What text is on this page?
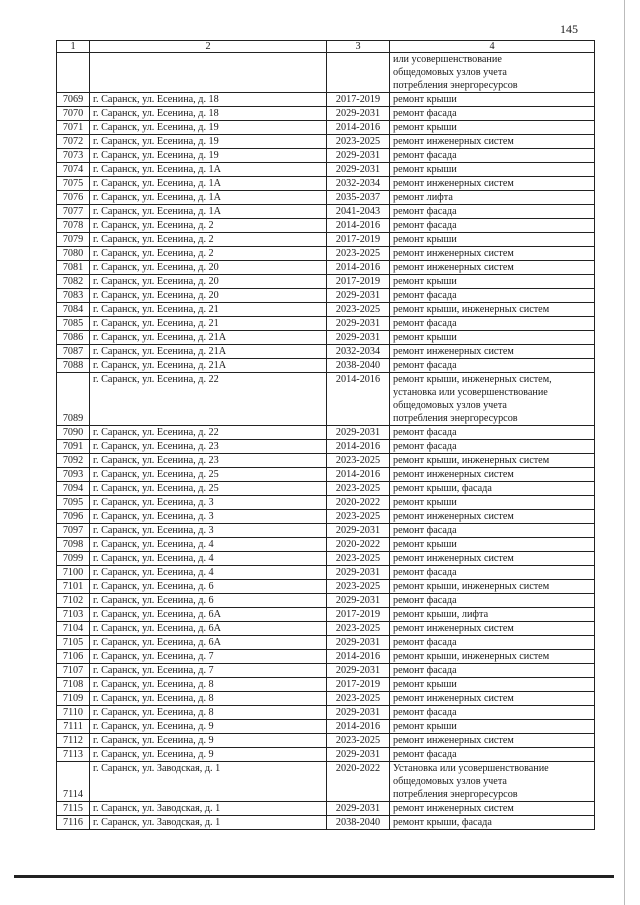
145
1	2	3	4

			или усовершенствование
общедомовых узлов учета
потребления энергоресурсов

7069	г. Саранск, ул. Есенина, д. 18	2017-2019	ремонт крыши

7070	г. Саранск, ул. Есенина, д. 18	2029-2031	ремонт фасада

7071	г. Саранск, ул. Есенина, д. 19	2014-2016	ремонт крыши

7072	г. Саранск, ул. Есенина, д. 19	2023-2025	ремонт инженерных систем

7073	г. Саранск, ул. Есенина, д. 19	2029-2031	ремонт фасада

7074	г. Саранск, ул. Есенина, д. 1А	2029-2031	ремонт крыши

7075	г. Саранск, ул. Есенина, д. 1А	2032-2034	ремонт инженерных систем

7076	г. Саранск, ул. Есенина, д. 1А	2035-2037	ремонт лифта

7077	г. Саранск, ул. Есенина, д. 1А	2041-2043	ремонт фасада

7078	г. Саранск, ул. Есенина, д. 2	2014-2016	ремонт фасада

7079	г. Саранск, ул. Есенина, д. 2	2017-2019	ремонт крыши

7080	г. Саранск, ул. Есенина, д. 2	2023-2025	ремонт инженерных систем

7081	г. Саранск, ул. Есенина, д. 20	2014-2016	ремонт инженерных систем

7082	г. Саранск, ул. Есенина, д. 20	2017-2019	ремонт крыши

7083	г. Саранск, ул. Есенина, д. 20	2029-2031	ремонт фасада

7084	г. Саранск, ул. Есенина, д. 21	2023-2025	ремонт крыши, инженерных систем

7085	г. Саранск, ул. Есенина, д. 21	2029-2031	ремонт фасада

7086	г. Саранск, ул. Есенина, д. 21А	2029-2031	ремонт крыши

7087	г. Саранск, ул. Есенина, д. 21А	2032-2034	ремонт инженерных систем

7088	г. Саранск, ул. Есенина, д. 21А	2038-2040	ремонт фасада

7089	г. Саранск, ул. Есенина, д. 22	2014-2016	ремонт крыши, инженерных систем,
установка или усовершенствование
общедомовых узлов учета
потребления энергоресурсов

7090	г. Саранск, ул. Есенина, д. 22	2029-2031	ремонт фасада

7091	г. Саранск, ул. Есенина, д. 23	2014-2016	ремонт фасада

7092	г. Саранск, ул. Есенина, д. 23	2023-2025	ремонт крыши, инженерных систем

7093	г. Саранск, ул. Есенина, д. 25	2014-2016	ремонт инженерных систем

7094	г. Саранск, ул. Есенина, д. 25	2023-2025	ремонт крыши, фасада

7095	г. Саранск, ул. Есенина, д. 3	2020-2022	ремонт крыши

7096	г. Саранск, ул. Есенина, д. 3	2023-2025	ремонт инженерных систем

7097	г. Саранск, ул. Есенина, д. 3	2029-2031	ремонт фасада

7098	г. Саранск, ул. Есенина, д. 4	2020-2022	ремонт крыши

7099	г. Саранск, ул. Есенина, д. 4	2023-2025	ремонт инженерных систем

7100	г. Саранск, ул. Есенина, д. 4	2029-2031	ремонт фасада

7101	г. Саранск, ул. Есенина, д. 6	2023-2025	ремонт крыши, инженерных систем

7102	г. Саранск, ул. Есенина, д. 6	2029-2031	ремонт фасада

7103	г. Саранск, ул. Есенина, д. 6А	2017-2019	ремонт крыши, лифта

7104	г. Саранск, ул. Есенина, д. 6А	2023-2025	ремонт инженерных систем

7105	г. Саранск, ул. Есенина, д. 6А	2029-2031	ремонт фасада

7106	г. Саранск, ул. Есенина, д. 7	2014-2016	ремонт крыши, инженерных систем

7107	г. Саранск, ул. Есенина, д. 7	2029-2031	ремонт фасада

7108	г. Саранск, ул. Есенина, д. 8	2017-2019	ремонт крыши

7109	г. Саранск, ул. Есенина, д. 8	2023-2025	ремонт инженерных систем

7110	г. Саранск, ул. Есенина, д. 8	2029-2031	ремонт фасада

7111	г. Саранск, ул. Есенина, д. 9	2014-2016	ремонт крыши

7112	г. Саранск, ул. Есенина, д. 9	2023-2025	ремонт инженерных систем

7113	г. Саранск, ул. Есенина, д. 9	2029-2031	ремонт фасада

7114	г. Саранск, ул. Заводская, д. 1	2020-2022	Установка или усовершенствование
общедомовых узлов учета
потребления энергоресурсов

7115	г. Саранск, ул. Заводская, д. 1	2029-2031	ремонт инженерных систем

7116	г. Саранск, ул. Заводская, д. 1	2038-2040	ремонт крыши, фасада
